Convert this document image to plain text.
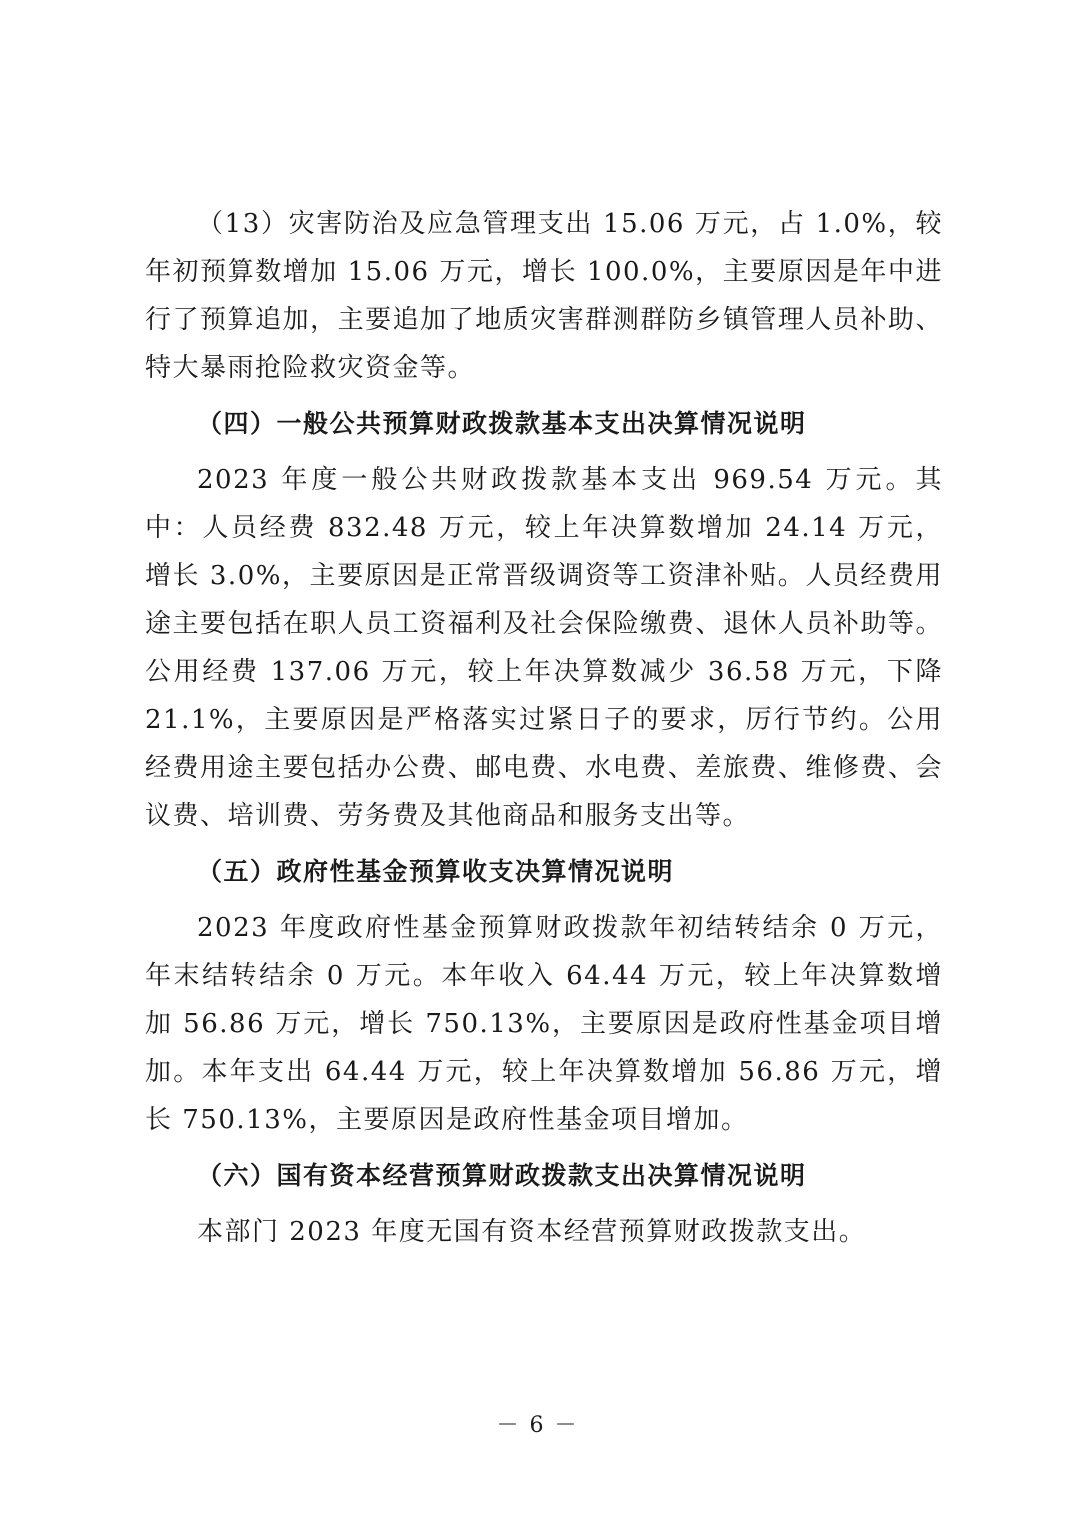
（13）灾害防治及应急管理支出 15.06 万元，占 1.0%，较年初预算数增加 15.06 万元，增长 100.0%，主要原因是年中进行了预算追加，主要追加了地质灾害群测群防乡镇管理人员补助、特大暴雨抢险救灾资金等。

（四）一般公共预算财政拨款基本支出决算情况说明

2023 年度一般公共财政拨款基本支出 969.54 万元。其中：人员经费 832.48 万元，较上年决算数增加 24.14 万元，增长 3.0%，主要原因是正常晋级调资等工资津补贴。人员经费用途主要包括在职人员工资福利及社会保险缴费、退休人员补助等。公用经费 137.06 万元，较上年决算数减少 36.58 万元，下降 21.1%，主要原因是严格落实过紧日子的要求，厉行节约。公用经费用途主要包括办公费、邮电费、水电费、差旅费、维修费、会议费、培训费、劳务费及其他商品和服务支出等。

（五）政府性基金预算收支决算情况说明

2023 年度政府性基金预算财政拨款年初结转结余 0 万元，年末结转结余 0 万元。本年收入 64.44 万元，较上年决算数增加 56.86 万元，增长 750.13%，主要原因是政府性基金项目增加。本年支出 64.44 万元，较上年决算数增加 56.86 万元，增长 750.13%，主要原因是政府性基金项目增加。

（六）国有资本经营预算财政拨款支出决算情况说明

本部门 2023 年度无国有资本经营预算财政拨款支出。

－ 6 －
